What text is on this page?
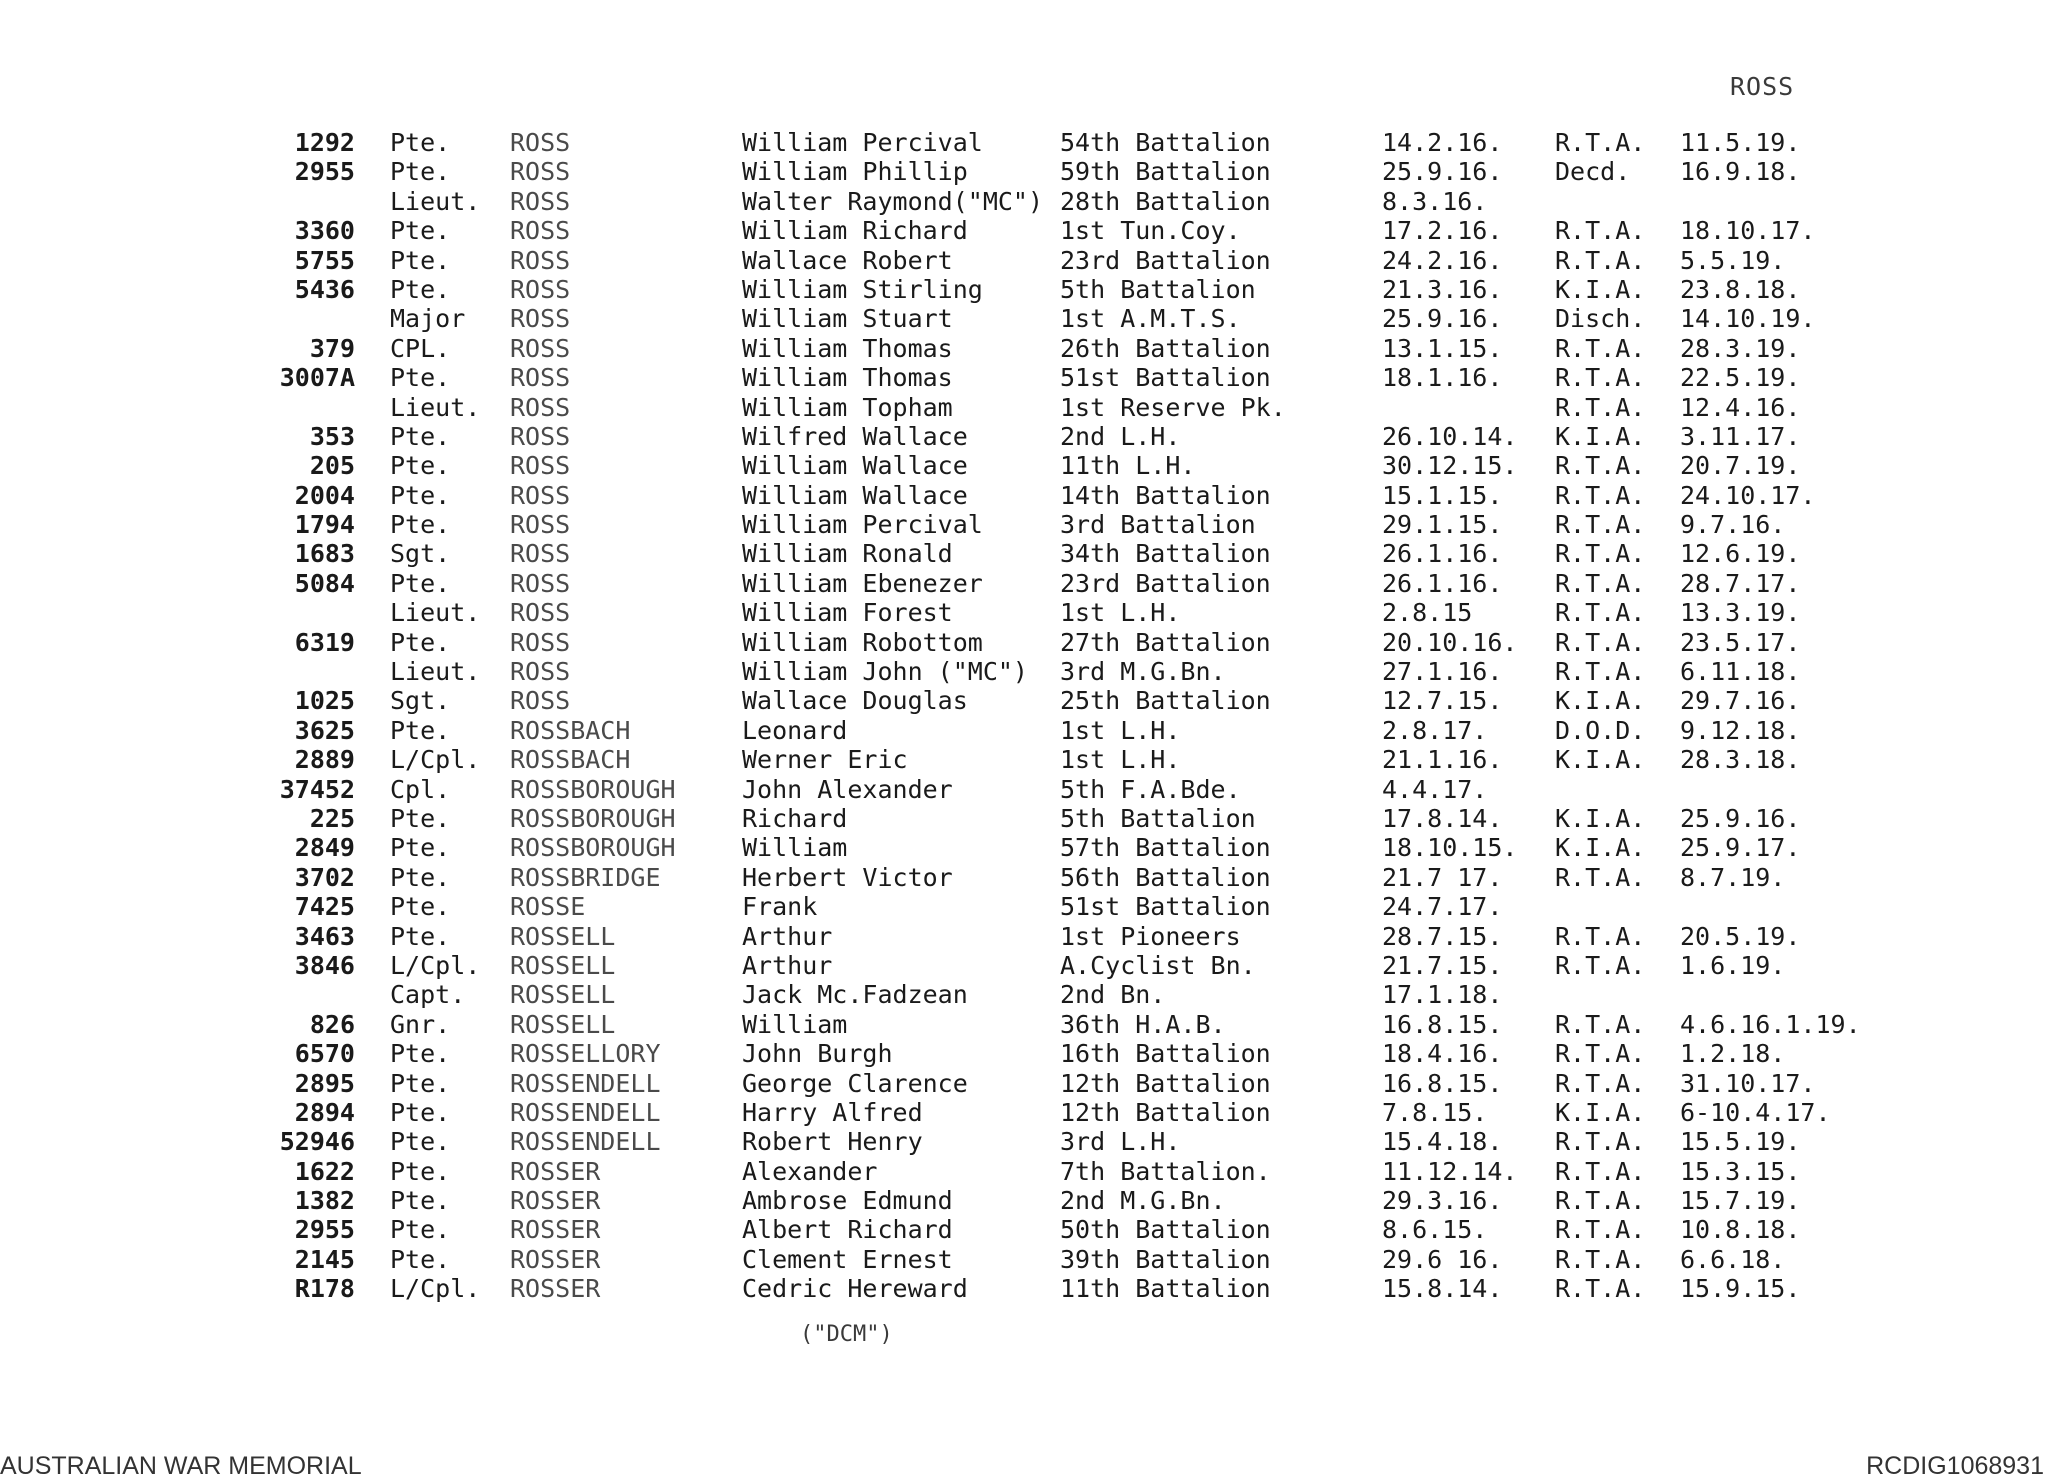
ROSS
1292 Pte. ROSS	William Percival	54th Battalion	14.2.16. R.T.A. 11.5.19.
2955 Pte. ROSS	William Phillip	59th Battalion	25.9.16. Decd. 16.9.18.
Lieut. ROSS	Walter Raymond("MC") 28th Battalion	8.3.16.
3360 Pte. ROSS	William Richard	1st Tun.Coy.	17.2.16. R.T.A. 18.10.17.
5755 Pte. ROSS	Wallace Robert	23rd Battalion	24.2.16. R.T.A. 5.5.19.
5436 Pte. ROSS	William Stirling	5th Battalion	21.3.16. K.I.A. 23.8.18.
Major ROSS	William Stuart	1st A.M.T.S.	25.9.16. Disch. 14.10.19.
379 CPL. ROSS	William Thomas	26th Battalion	13.1.15. R.T.A. 28.3.19.
3007A Pte. ROSS	William Thomas	51st Battalion	18.1.16. R.T.A. 22.5.19.
Lieut. ROSS	William Topham	1st Reserve Pk.	R.T.A. 12.4.16.
353 Pte. ROSS	Wilfred Wallace	2nd L.H.	26.10.14. K.I.A. 3.11.17.
205 Pte. ROSS	William Wallace	11th L.H.	30.12.15. R.T.A. 20.7.19.
2004 Pte. ROSS	William Wallace	14th Battalion	15.1.15. R.T.A. 24.10.17.
1794 Pte. ROSS	William Percival	3rd Battalion	29.1.15. R.T.A. 9.7.16.
1683 Sgt. ROSS	William Ronald	34th Battalion	26.1.16. R.T.A. 12.6.19.
5084 Pte. ROSS	William Ebenezer	23rd Battalion	26.1.16. R.T.A. 28.7.17.
Lieut. ROSS	William Forest	1st L.H.	2.8.15	R.T.A. 13.3.19.
6319 Pte. ROSS	William Robottom	27th Battalion	20.10.16. R.T.A. 23.5.17.
Lieut. ROSS	William John ("MC") 3rd M.G.Bn.	27.1.16. R.T.A. 6.11.18.
1025 Sgt. ROSS	Wallace Douglas	25th Battalion	12.7.15. K.I.A. 29.7.16.
3625 Pte. ROSSBACH	Leonard	1st L.H.	2.8.17.	D.O.D. 9.12.18.
2889 L/Cpl. ROSSBACH	Werner Eric	1st L.H.	21.1.16. K.I.A. 28.3.18.
37452 Cpl. ROSSBOROUGH	John Alexander	5th F.A.Bde.	4.4.17.
225 Pte. ROSSBOROUGH	Richard	5th Battalion	17.8.14. K.I.A. 25.9.16.
2849 Pte. ROSSBOROUGH	William	57th Battalion	18.10.15. K.I.A. 25.9.17.
3702 Pte. ROSSBRIDGE	Herbert Victor	56th Battalion	21.7 17. R.T.A. 8.7.19.
7425 Pte. ROSSE	Frank	51st Battalion	24.7.17.
3463 Pte. ROSSELL	Arthur	1st Pioneers	28.7.15. R.T.A. 20.5.19.
3846 L/Cpl. ROSSELL	Arthur	A.Cyclist Bn.	21.7.15. R.T.A. 1.6.19.
Capt. ROSSELL	Jack Mc.Fadzean	2nd Bn.	17.1.18.
826 Gnr. ROSSELL	William	36th H.A.B.	16.8.15. R.T.A. 4.6.16.1.19.
6570 Pte. ROSSELLORY	John Burgh	16th Battalion	18.4.16. R.T.A. 1.2.18.
2895 Pte. ROSSENDELL	George Clarence	12th Battalion	16.8.15. R.T.A. 31.10.17.
2894 Pte. ROSSENDELL	Harry Alfred	12th Battalion	7.8.15.	K.I.A. 6-10.4.17.
52946 Pte. ROSSENDELL	Robert Henry	3rd L.H.	15.4.18. R.T.A. 15.5.19.
1622 Pte. ROSSER	Alexander	7th Battalion.	11.12.14. R.T.A. 15.3.15.
1382 Pte. ROSSER	Ambrose Edmund	2nd M.G.Bn.	29.3.16. R.T.A. 15.7.19.
2955 Pte. ROSSER	Albert Richard	50th Battalion	8.6.15.	R.T.A. 10.8.18.
2145 Pte. ROSSER	Clement Ernest	39th Battalion	29.6 16. R.T.A. 6.6.18.
R178 L/Cpl. ROSSER	Cedric Hereward	11th Battalion	15.8.14. R.T.A. 15.9.15.
("DCM")
AUSTRALIAN WAR MEMORIAL	RCDIG1068931
